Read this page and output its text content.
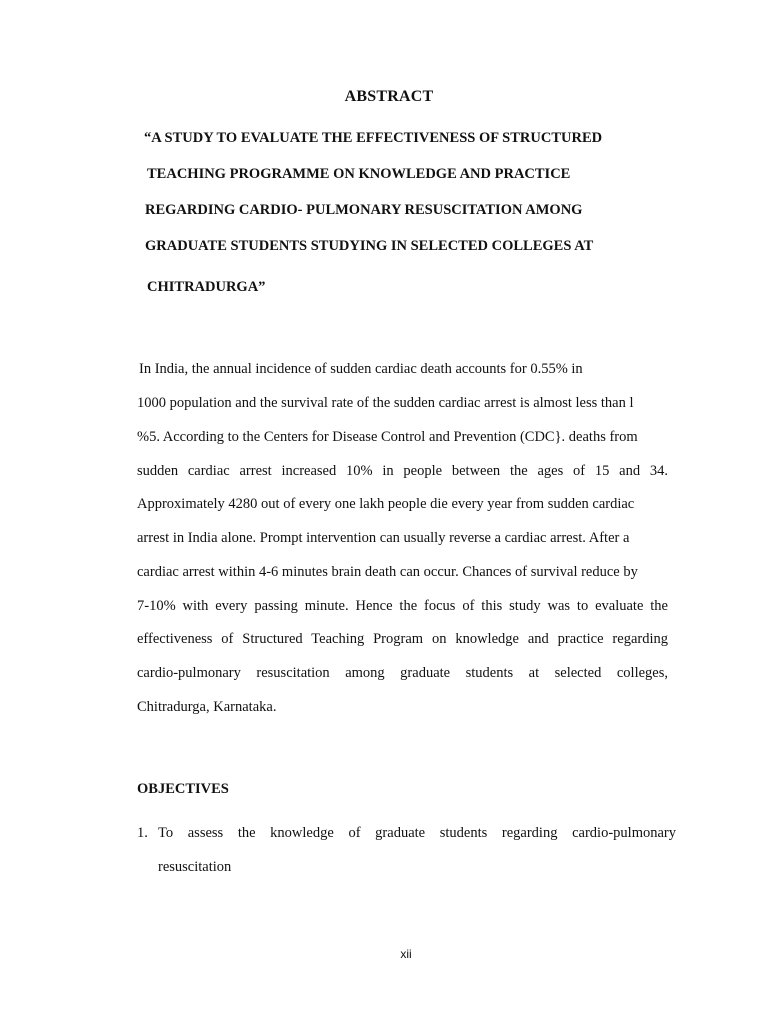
ABSTRACT

“A STUDY TO EVALUATE THE EFFECTIVENESS OF STRUCTURED

TEACHING PROGRAMME ON KNOWLEDGE AND PRACTICE

REGARDING CARDIO- PULMONARY RESUSCITATION AMONG

GRADUATE STUDENTS STUDYING IN SELECTED COLLEGES AT

CHITRADURGA”

In India, the annual incidence of sudden cardiac death accounts for 0.55% in

1000 population and the survival rate of the sudden cardiac arrest is almost less than l

%5. According to the Centers for Disease Control and Prevention (CDC}. deaths from

sudden cardiac arrest increased 10% in people between the ages of 15 and 34.

Approximately 4280 out of every one lakh people die every year from sudden cardiac

arrest in India alone. Prompt intervention can usually reverse a cardiac arrest. After a

cardiac arrest within 4-6 minutes brain death can occur. Chances of survival reduce by

7-10% with every passing minute. Hence the focus of this study was to evaluate the

effectiveness of Structured Teaching Program on knowledge and practice regarding

cardio-pulmonary resuscitation among graduate students at selected colleges,

Chitradurga, Karnataka.

OBJECTIVES
1. To assess the knowledge of graduate students regarding cardio-pulmonary

resuscitation

xii
